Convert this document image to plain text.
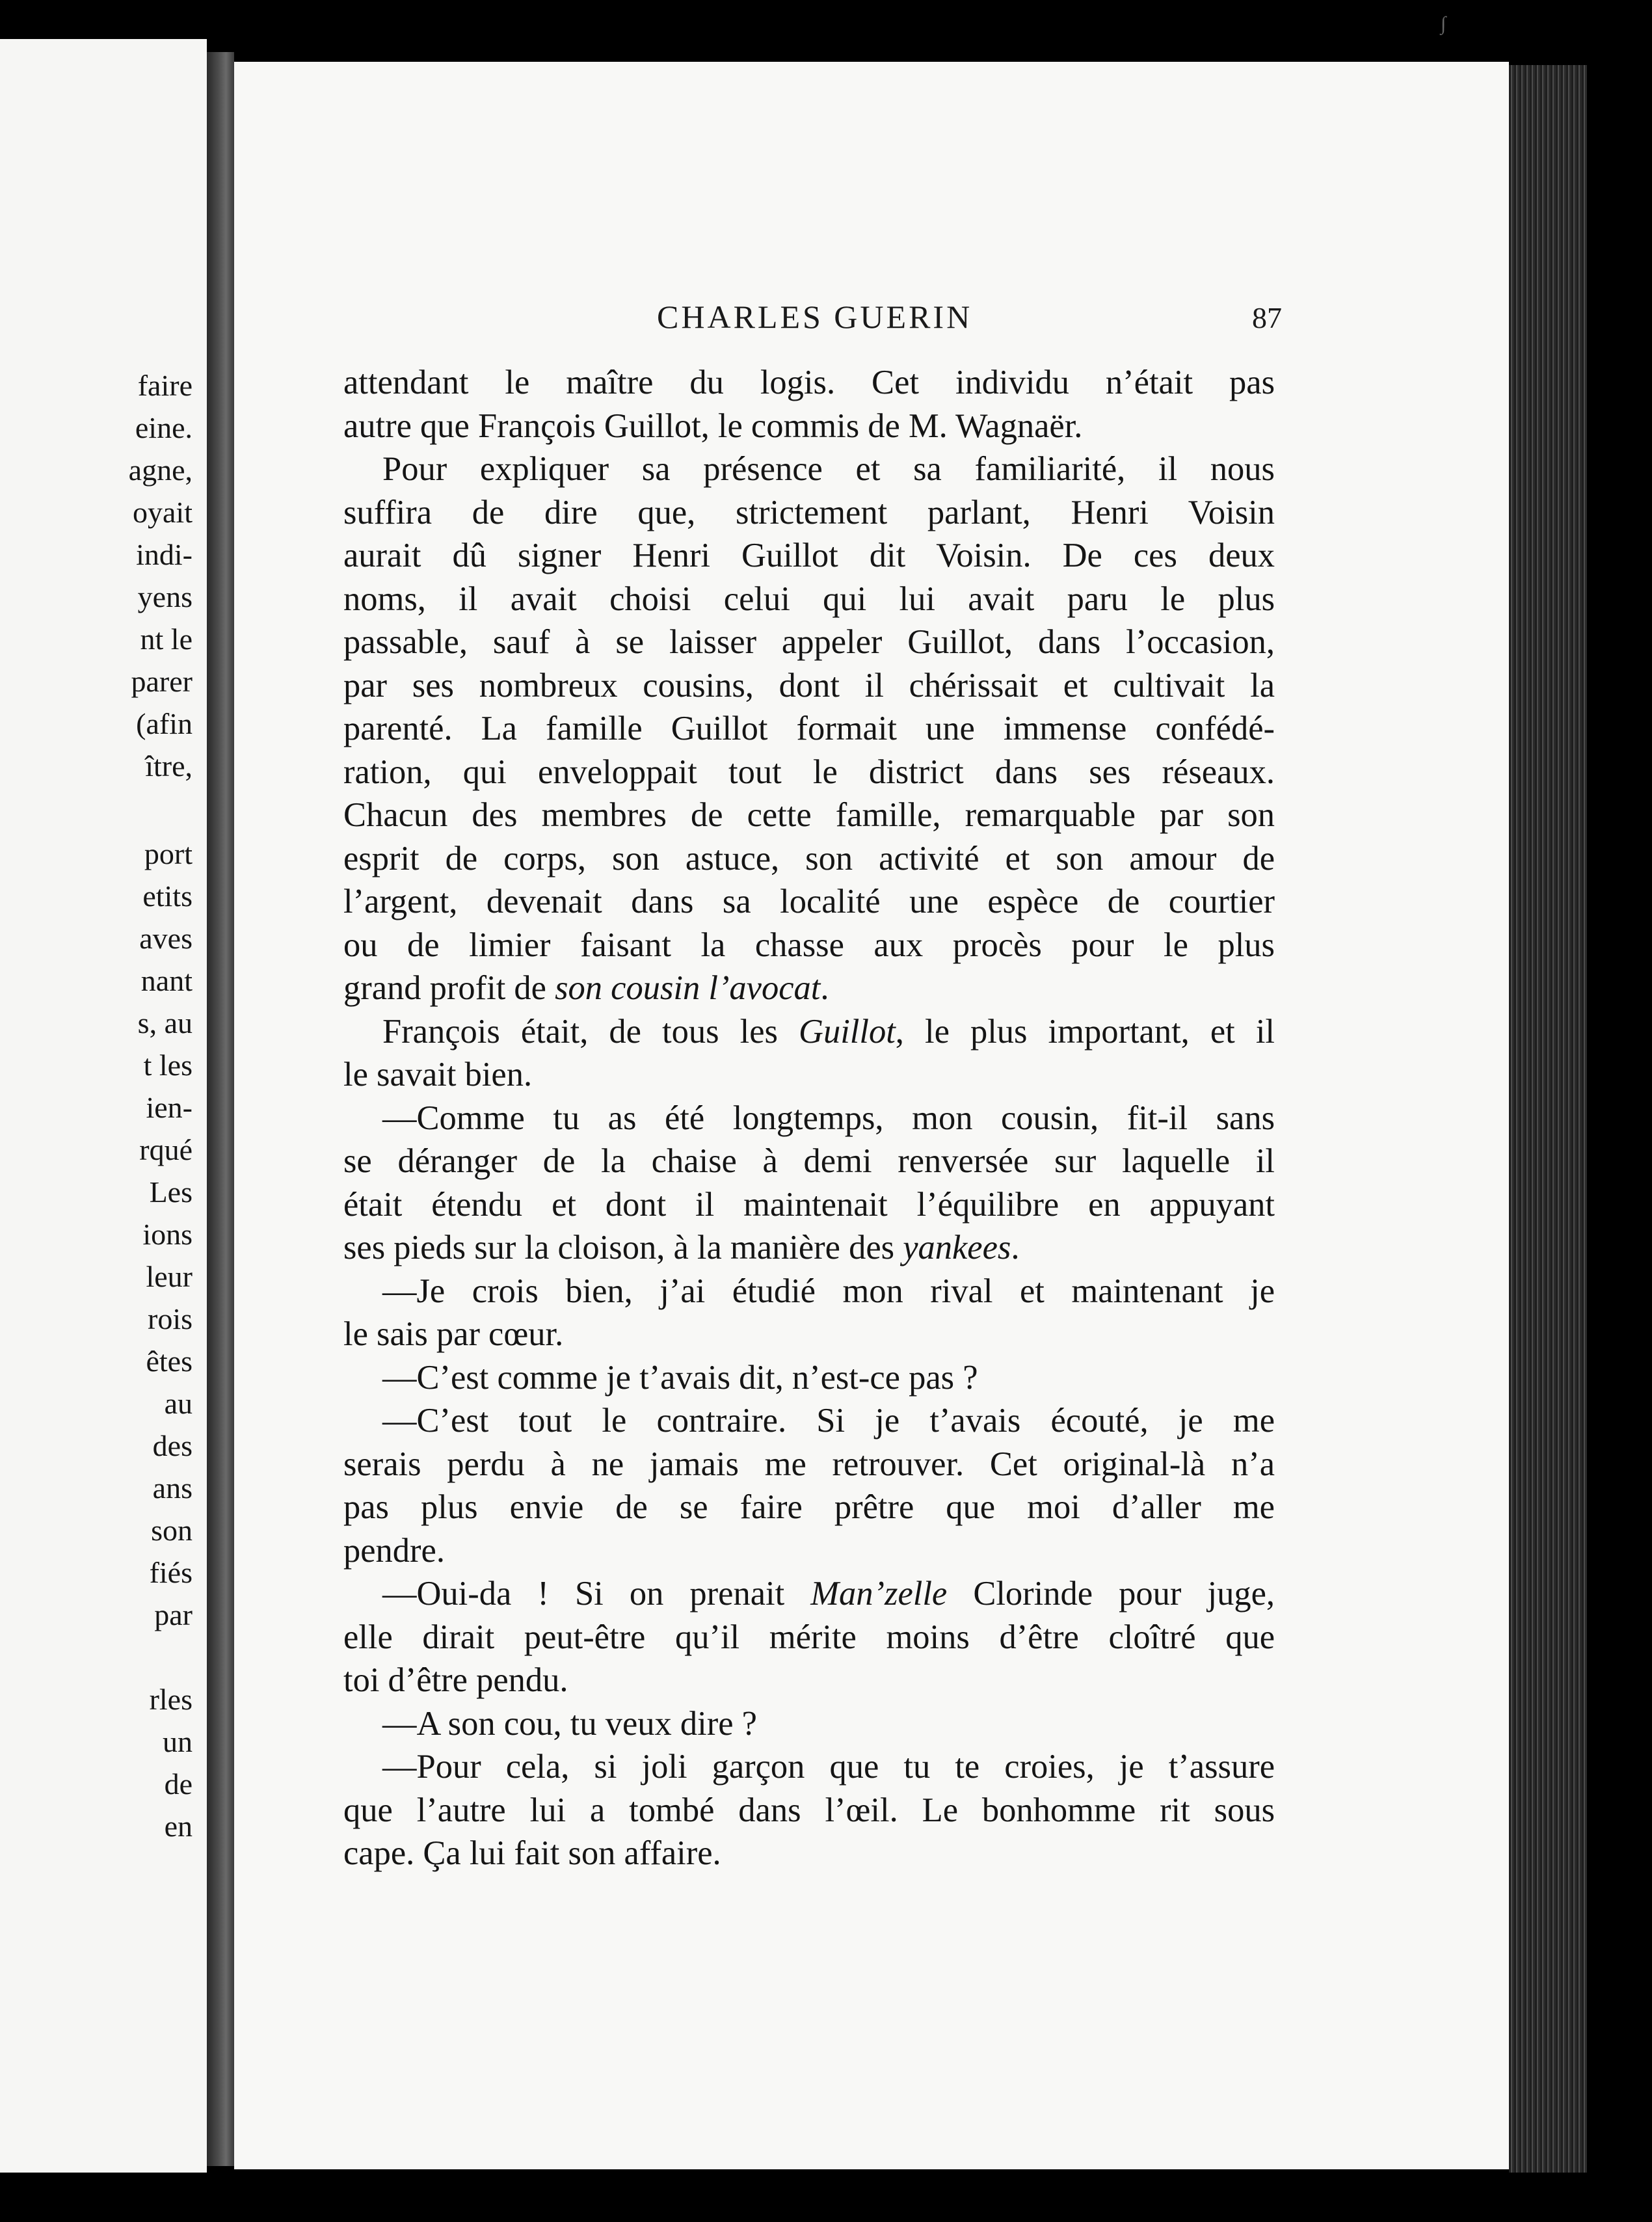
faire
eine.
agne,
oyait
indi-
yens
nt le
parer
(afin
ître,
port
etits
aves
nant
s, au
t les
ien-
rqué
Les
ions
leur
rois
êtes
au
des
ans
son
fiés
par
rles
un
de
en
CHARLES GUERIN	87
attendant le maître du logis. Cet individu n’était pas
autre que François Guillot, le commis de M. Wagnaër.
Pour expliquer sa présence et sa familiarité, il nous
suffira de dire que, strictement parlant, Henri Voisin
aurait dû signer Henri Guillot dit Voisin. De ces deux
noms, il avait choisi celui qui lui avait paru le plus
passable, sauf à se laisser appeler Guillot, dans l’occasion,
par ses nombreux cousins, dont il chérissait et cultivait la
parenté. La famille Guillot formait une immense confédé-
ration, qui enveloppait tout le district dans ses réseaux.
Chacun des membres de cette famille, remarquable par son
esprit de corps, son astuce, son activité et son amour de
l’argent, devenait dans sa localité une espèce de courtier
ou de limier faisant la chasse aux procès pour le plus
grand profit de son cousin l’avocat.
François était, de tous les Guillot, le plus important, et il
le savait bien.
—Comme tu as été longtemps, mon cousin, fit-il sans
se déranger de la chaise à demi renversée sur laquelle il
était étendu et dont il maintenait l’équilibre en appuyant
ses pieds sur la cloison, à la manière des yankees.
—Je crois bien, j’ai étudié mon rival et maintenant je
le sais par cœur.
—C’est comme je t’avais dit, n’est-ce pas ?
—C’est tout le contraire. Si je t’avais écouté, je me
serais perdu à ne jamais me retrouver. Cet original-là n’a
pas plus envie de se faire prêtre que moi d’aller me
pendre.
—Oui-da ! Si on prenait Man’zelle Clorinde pour juge,
elle dirait peut-être qu’il mérite moins d’être cloîtré que
toi d’être pendu.
—A son cou, tu veux dire ?
—Pour cela, si joli garçon que tu te croies, je t’assure
que l’autre lui a tombé dans l’œil. Le bonhomme rit sous
cape. Ça lui fait son affaire.
∫
